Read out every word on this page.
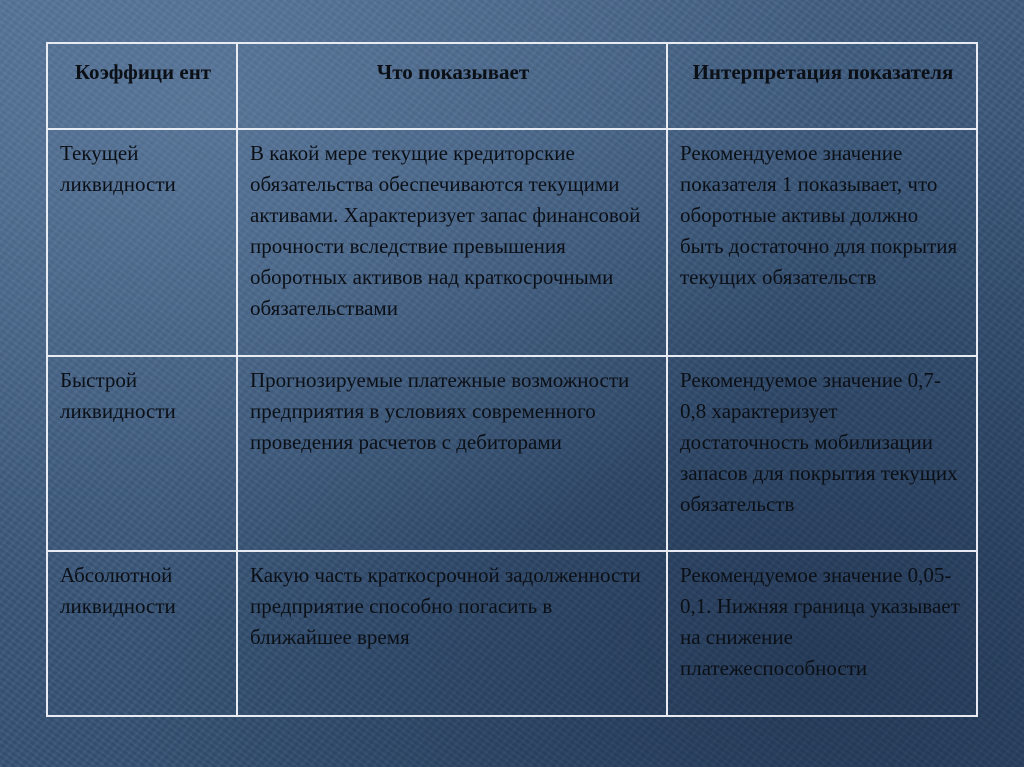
Коэффици ент	Что показывает	Интерпретация показателя
Текущей ликвидности	В какой мере текущие кредиторские обязательства обеспечиваются текущими активами. Характеризует запас финансовой прочности вследствие превышения оборотных активов над краткосрочными обязательствами	Рекомендуемое значение показателя 1 показывает, что оборотные активы должно быть достаточно для покрытия текущих обязательств
Быстрой ликвидности	Прогнозируемые платежные возможности предприятия в условиях современного проведения расчетов с дебиторами	Рекомендуемое значение 0,7-0,8 характеризует достаточность мобилизации запасов для покрытия текущих обязательств
Абсолютной ликвидности	Какую часть краткосрочной задолженности предприятие способно погасить в ближайшее время	Рекомендуемое значение 0,05-0,1. Нижняя граница указывает на снижение платежеспособности
